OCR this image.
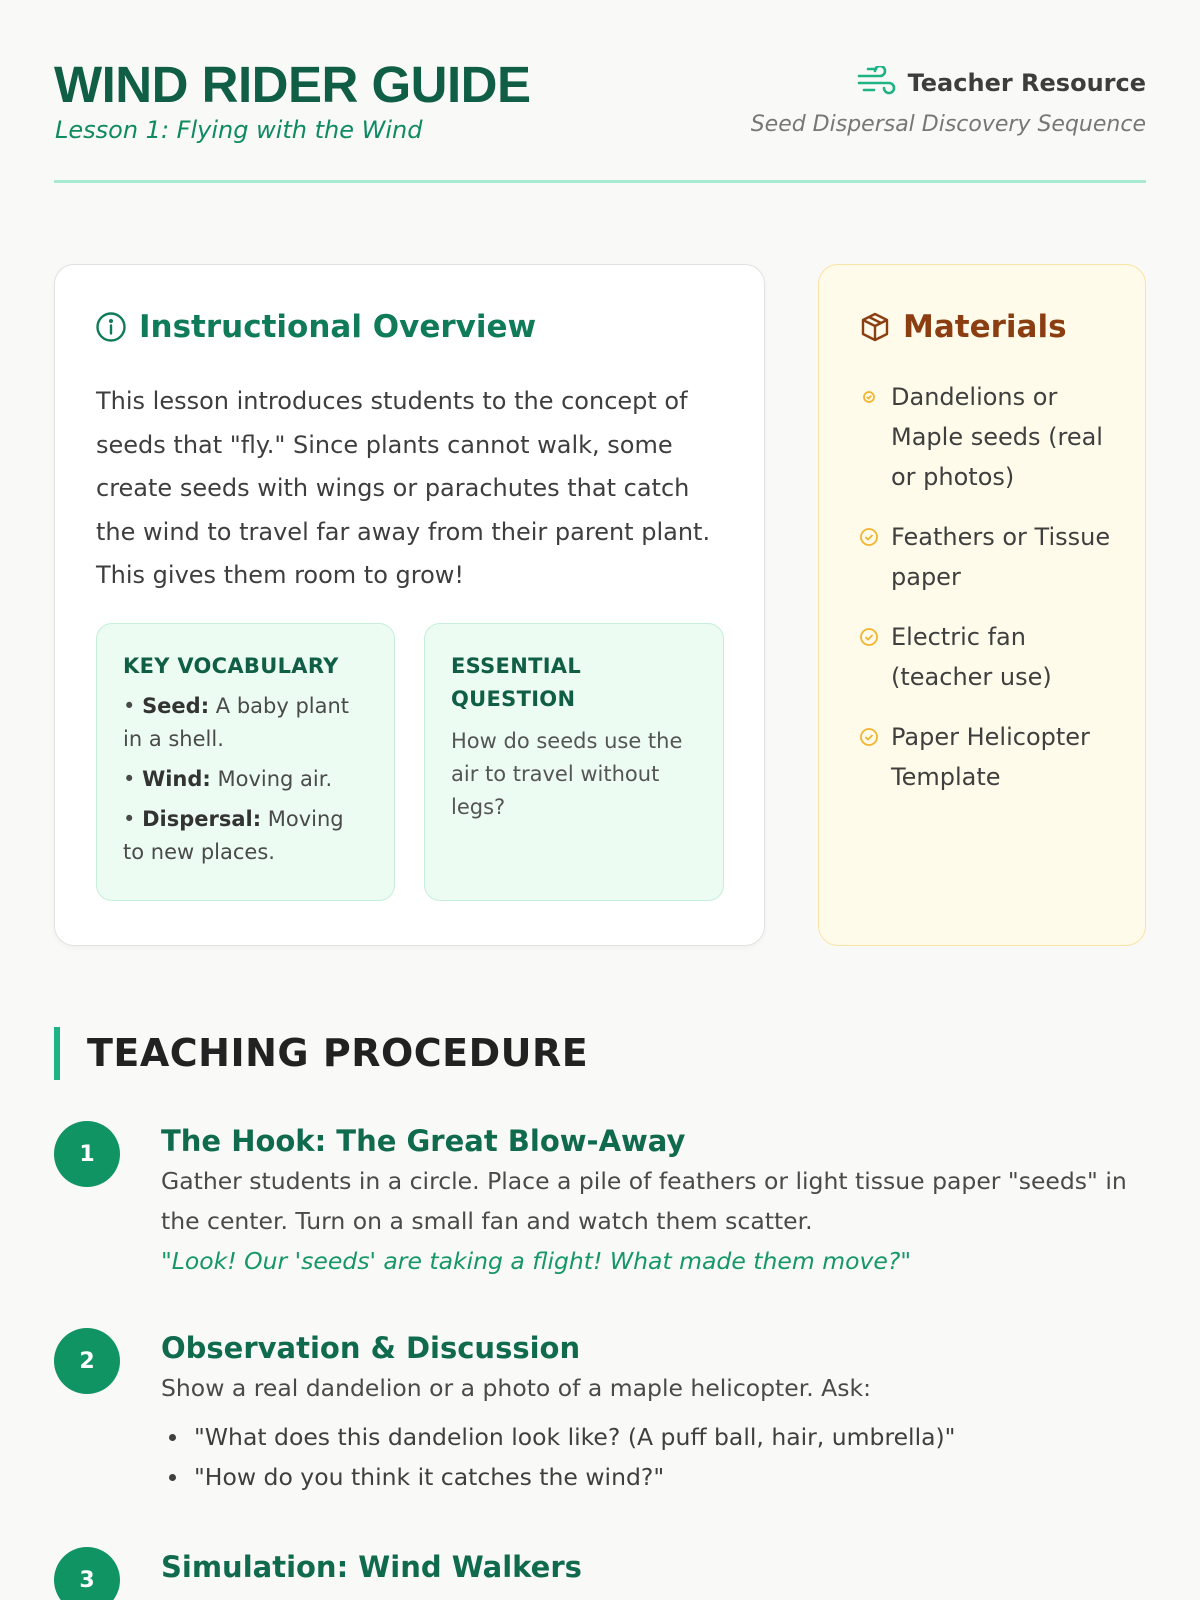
WIND RIDER GUIDE
Lesson 1: Flying with the Wind
Teacher Resource
Seed Dispersal Discovery Sequence
Instructional Overview

This lesson introduces students to the concept of seeds that "fly." Since plants cannot walk, some create seeds with wings or parachutes that catch the wind to travel far away from their parent plant. This gives them room to grow!

KEY VOCABULARY
• Seed: A baby plant in a shell.
• Wind: Moving air.
• Dispersal: Moving to new places.
ESSENTIAL QUESTION

How do seeds use the air to travel without legs?

Materials
Dandelions or Maple seeds (real or photos)
Feathers or Tissue paper
Electric fan (teacher use)
Paper Helicopter Template
TEACHING PROCEDURE
1	The Hook: The Great Blow-Away
Gather students in a circle. Place a pile of feathers or light tissue paper "seeds" in the center. Turn on a small fan and watch them scatter.
"Look! Our 'seeds' are taking a flight! What made them move?"
2	Observation & Discussion
Show a real dandelion or a photo of a maple helicopter. Ask:
"What does this dandelion look like? (A puff ball, hair, umbrella)"
"How do you think it catches the wind?"
3	Simulation: Wind Walkers
